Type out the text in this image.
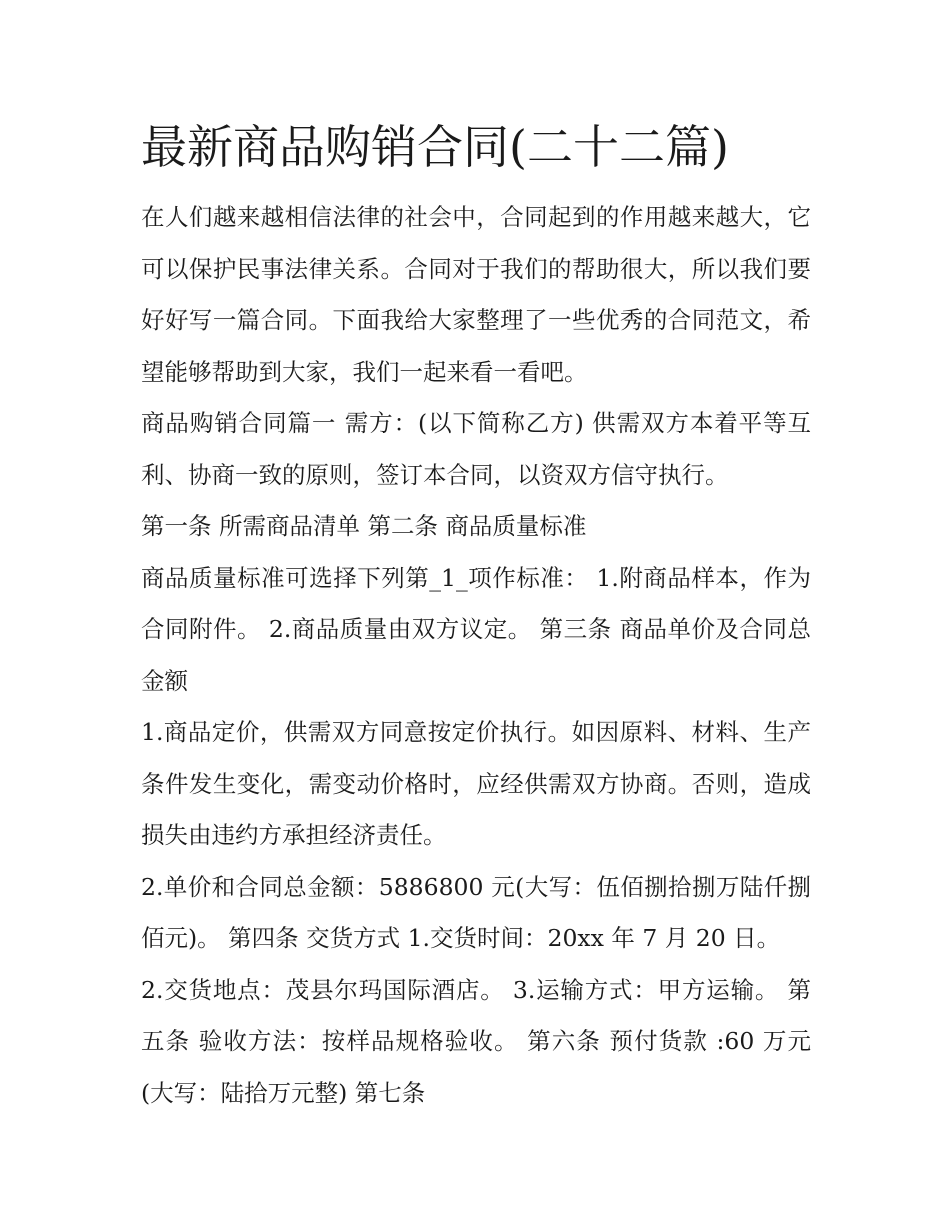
最新商品购销合同(二十二篇)

在人们越来越相信法律的社会中，合同起到的作用越来越大，它可以保护民事法律关系。合同对于我们的帮助很大，所以我们要好好写一篇合同。下面我给大家整理了一些优秀的合同范文，希望能够帮助到大家，我们一起来看一看吧。

商品购销合同篇一 需方：(以下简称乙方) 供需双方本着平等互利、协商一致的原则，签订本合同，以资双方信守执行。

第一条 所需商品清单 第二条 商品质量标准

商品质量标准可选择下列第_1_项作标准： 1.附商品样本，作为合同附件。 2.商品质量由双方议定。 第三条 商品单价及合同总金额

1.商品定价，供需双方同意按定价执行。如因原料、材料、生产条件发生变化，需变动价格时，应经供需双方协商。否则，造成损失由违约方承担经济责任。

2.单价和合同总金额：5886800 元(大写：伍佰捌拾捌万陆仟捌佰元)。 第四条 交货方式 1.交货时间：20xx 年 7 月 20 日。

2.交货地点：茂县尔玛国际酒店。 3.运输方式：甲方运输。 第五条 验收方法：按样品规格验收。 第六条 预付货款 :60 万元(大写：陆拾万元整) 第七条
